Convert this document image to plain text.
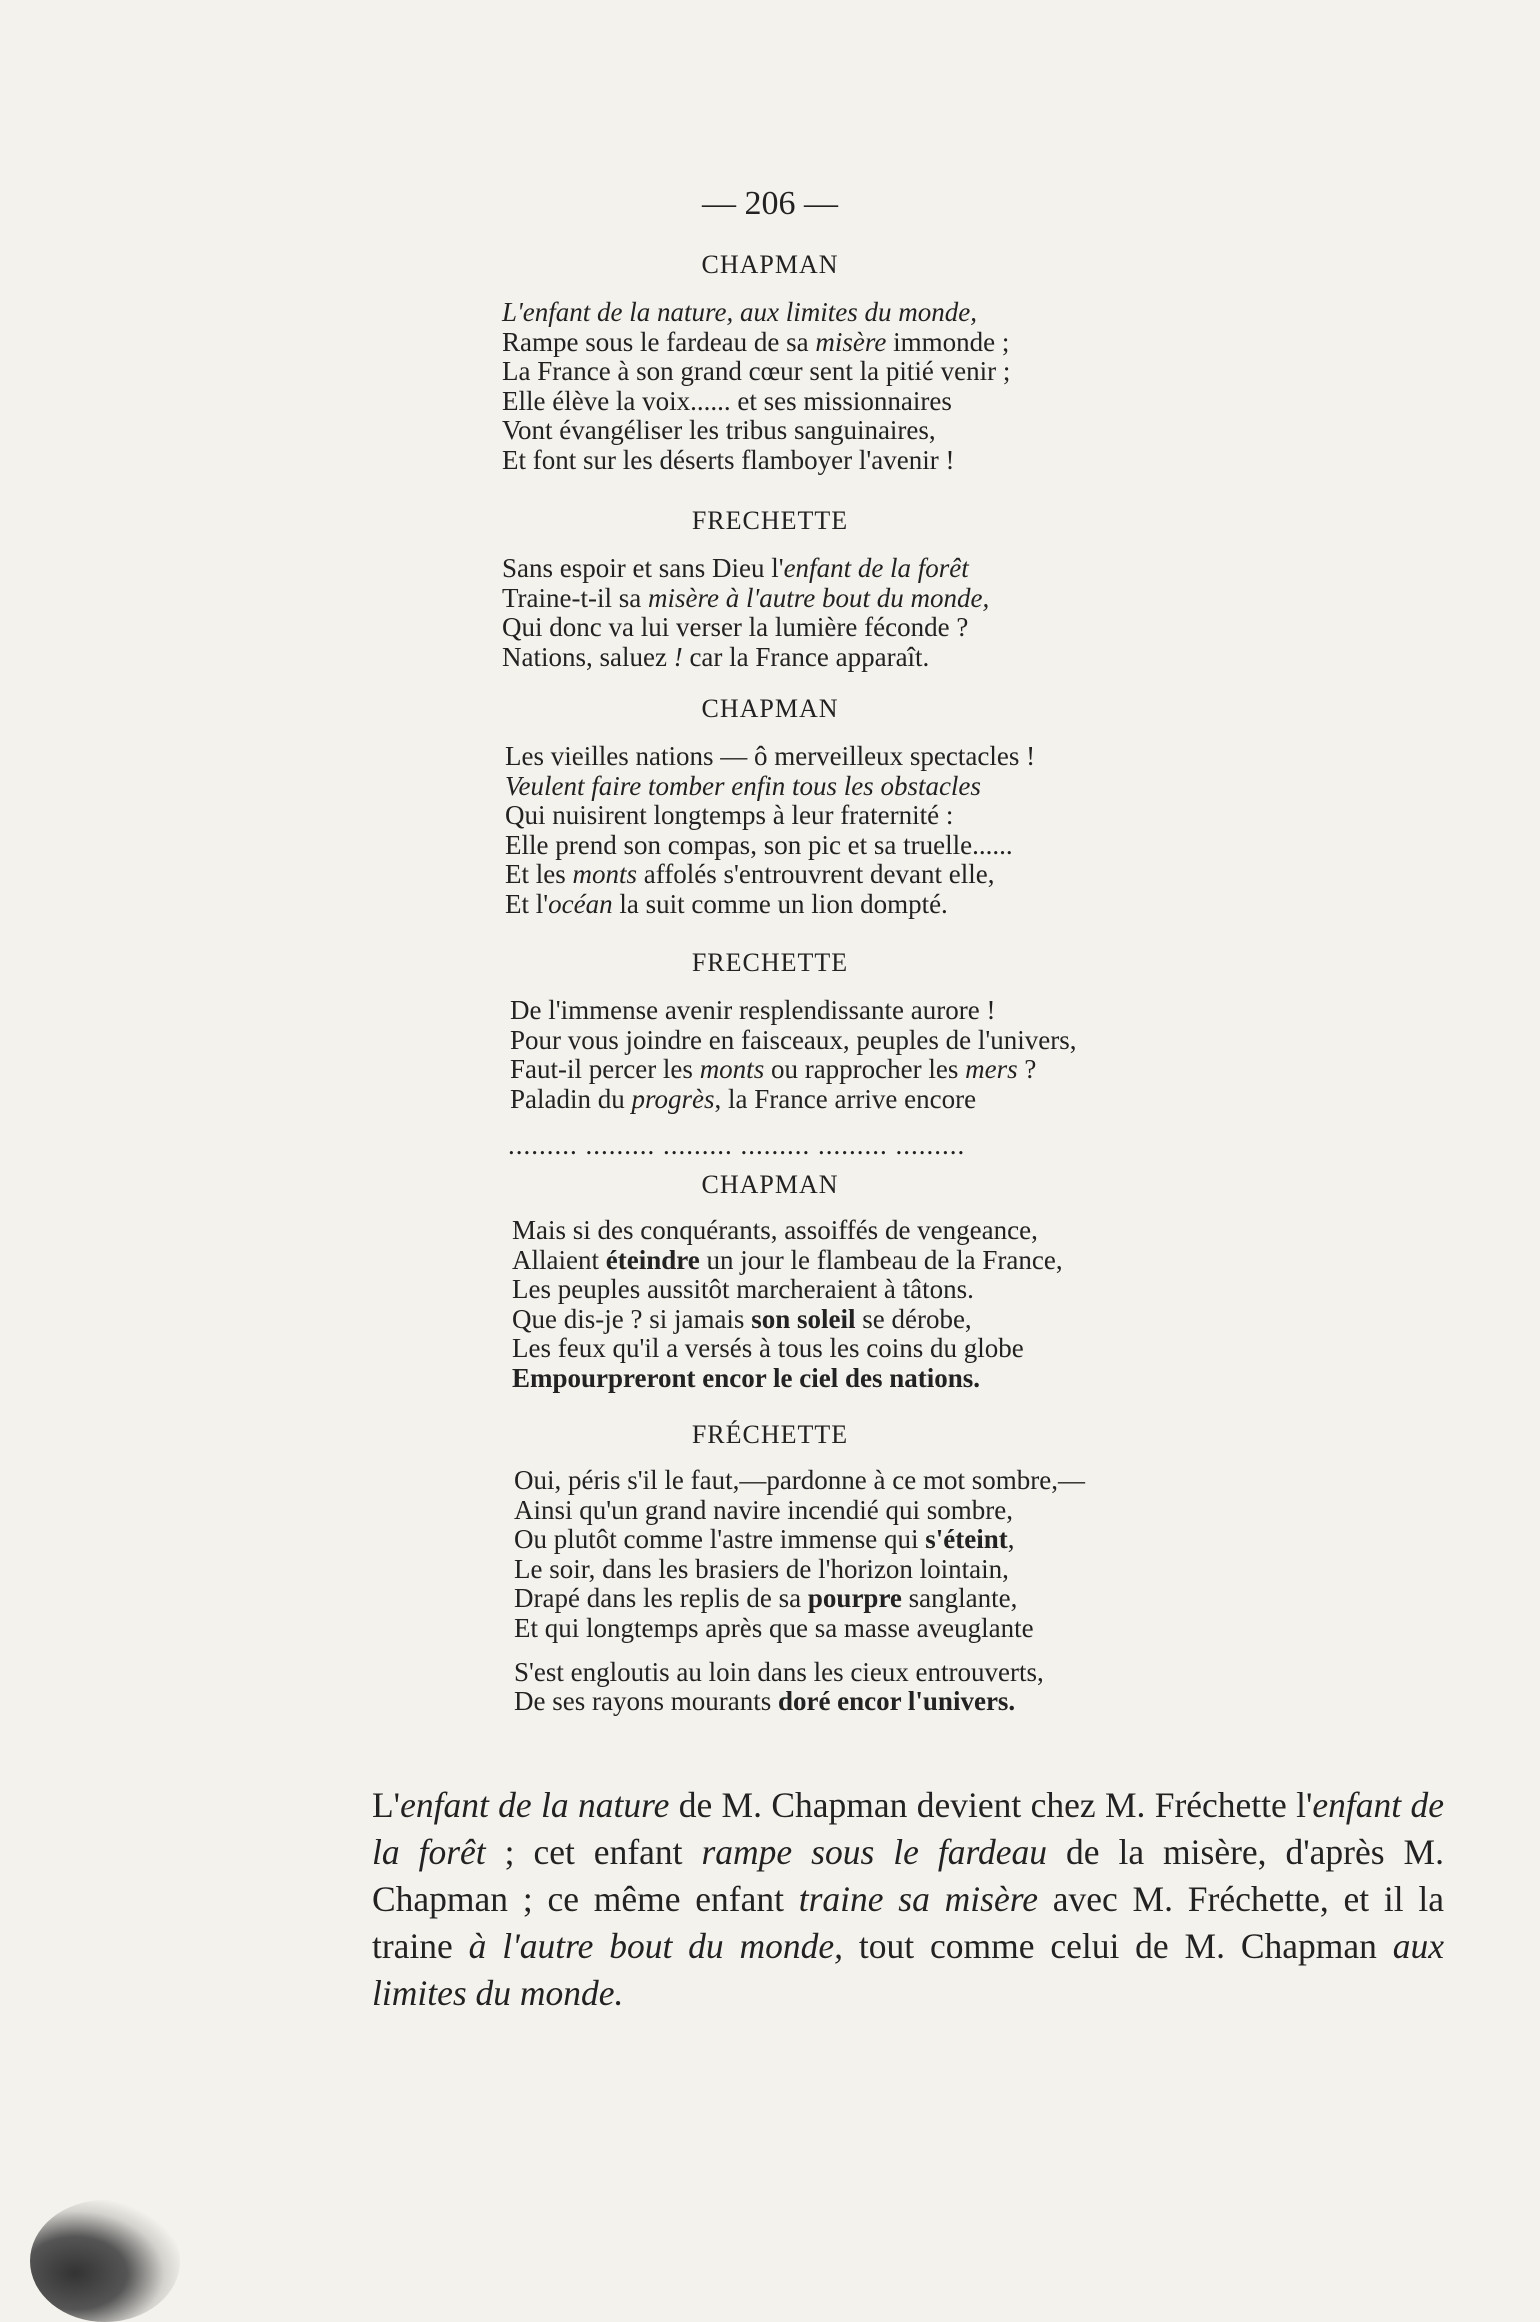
— 206 —
CHAPMAN
L'enfant de la nature, aux limites du monde,
Rampe sous le fardeau de sa misère immonde ;
La France à son grand cœur sent la pitié venir ;
Elle élève la voix...... et ses missionnaires
Vont évangéliser les tribus sanguinaires,
Et font sur les déserts flamboyer l'avenir !
FRECHETTE
Sans espoir et sans Dieu l'enfant de la forêt
Traine-t-il sa misère à l'autre bout du monde,
Qui donc va lui verser la lumière féconde ?
Nations, saluez ! car la France apparaît.
CHAPMAN
Les vieilles nations — ô merveilleux spectacles !
Veulent faire tomber enfin tous les obstacles
Qui nuisirent longtemps à leur fraternité :
Elle prend son compas, son pic et sa truelle......
Et les monts affolés s'entrouvrent devant elle,
Et l'océan la suit comme un lion dompté.
FRECHETTE
De l'immense avenir resplendissante aurore !
Pour vous joindre en faisceaux, peuples de l'univers,
Faut-il percer les monts ou rapprocher les mers ?
Paladin du progrès, la France arrive encore
......... ......... ......... ......... ......... .........
CHAPMAN
Mais si des conquérants, assoiffés de vengeance,
Allaient éteindre un jour le flambeau de la France,
Les peuples aussitôt marcheraient à tâtons.
Que dis-je ? si jamais son soleil se dérobe,
Les feux qu'il a versés à tous les coins du globe
Empourpreront encor le ciel des nations.
FRÉCHETTE
Oui, péris s'il le faut,—pardonne à ce mot sombre,—
Ainsi qu'un grand navire incendié qui sombre,
Ou plutôt comme l'astre immense qui s'éteint,
Le soir, dans les brasiers de l'horizon lointain,
Drapé dans les replis de sa pourpre sanglante,
Et qui longtemps après que sa masse aveuglante

S'est engloutis au loin dans les cieux entrouverts,
De ses rayons mourants doré encor l'univers.
L'enfant de la nature de M. Chapman devient chez M. Fréchette l'enfant de la forêt ; cet enfant rampe sous le fardeau de la misère, d'après M. Chapman ; ce même enfant traine sa misère avec M. Fréchette, et il la traine à l'autre bout du monde, tout comme celui de M. Chapman aux limites du monde.
